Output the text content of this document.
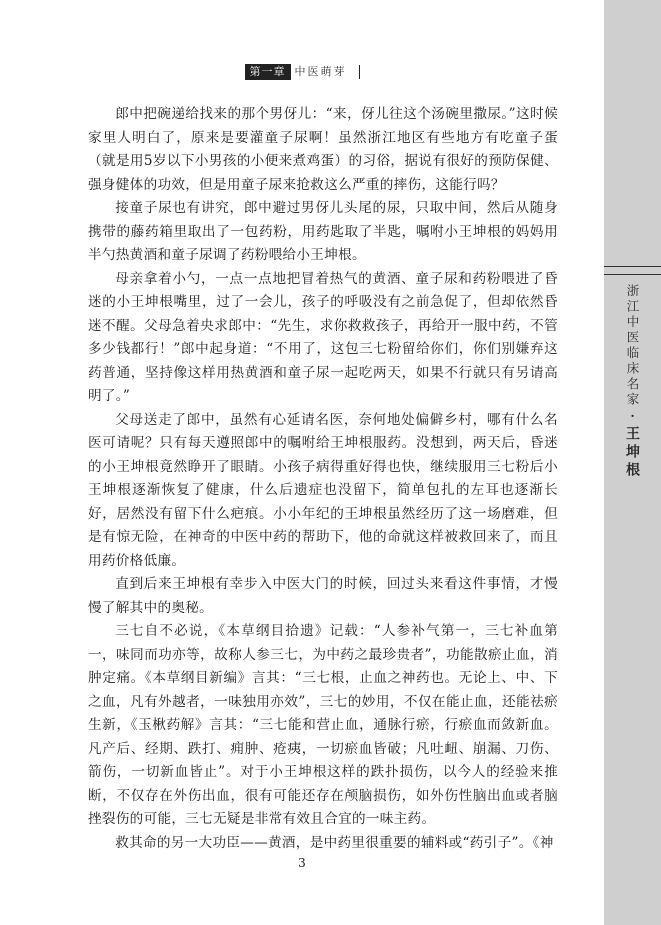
浙江中医临床名家·王坤根
第一章 中医萌芽

郎中把碗递给找来的那个男伢儿：“来，伢儿往这个汤碗里撒尿。”这时候家里人明白了，原来是要灌童子尿啊！虽然浙江地区有些地方有吃童子蛋（就是用5岁以下小男孩的小便来煮鸡蛋）的习俗，据说有很好的预防保健、强身健体的功效，但是用童子尿来抢救这么严重的摔伤，这能行吗？

接童子尿也有讲究，郎中避过男伢儿头尾的尿，只取中间，然后从随身携带的藤药箱里取出了一包药粉，用药匙取了半匙，嘱咐小王坤根的妈妈用半勺热黄酒和童子尿调了药粉喂给小王坤根。

母亲拿着小勺，一点一点地把冒着热气的黄酒、童子尿和药粉喂进了昏迷的小王坤根嘴里，过了一会儿，孩子的呼吸没有之前急促了，但却依然昏迷不醒。父母急着央求郎中：“先生，求你救救孩子，再给开一服中药，不管多少钱都行！”郎中起身道：“不用了，这包三七粉留给你们，你们别嫌弃这药普通，坚持像这样用热黄酒和童子尿一起吃两天，如果不行就只有另请高明了。”

父母送走了郎中，虽然有心延请名医，奈何地处偏僻乡村，哪有什么名医可请呢？只有每天遵照郎中的嘱咐给王坤根服药。没想到，两天后，昏迷的小王坤根竟然睁开了眼睛。小孩子病得重好得也快，继续服用三七粉后小王坤根逐渐恢复了健康，什么后遗症也没留下，简单包扎的左耳也逐渐长好，居然没有留下什么疤痕。小小年纪的王坤根虽然经历了这一场磨难，但是有惊无险，在神奇的中医中药的帮助下，他的命就这样被救回来了，而且用药价格低廉。

直到后来王坤根有幸步入中医大门的时候，回过头来看这件事情，才慢慢了解其中的奥秘。

三七自不必说，《本草纲目拾遗》记载：“人参补气第一，三七补血第一，味同而功亦等，故称人参三七，为中药之最珍贵者”，功能散瘀止血，消肿定痛。《本草纲目新编》言其：“三七根，止血之神药也。无论上、中、下之血，凡有外越者，一味独用亦效”，三七的妙用，不仅在能止血，还能祛瘀生新，《玉楸药解》言其：“三七能和营止血，通脉行瘀，行瘀血而敛新血。凡产后、经期、跌打、痈肿、疮痍，一切瘀血皆破；凡吐衄、崩漏、刀伤、箭伤，一切新血皆止”。对于小王坤根这样的跌扑损伤，以今人的经验来推断，不仅存在外伤出血，很有可能还存在颅脑损伤，如外伤性脑出血或者脑挫裂伤的可能，三七无疑是非常有效且合宜的一味主药。

救其命的另一大功臣——黄酒，是中药里很重要的辅料或“药引子”。《神

3
